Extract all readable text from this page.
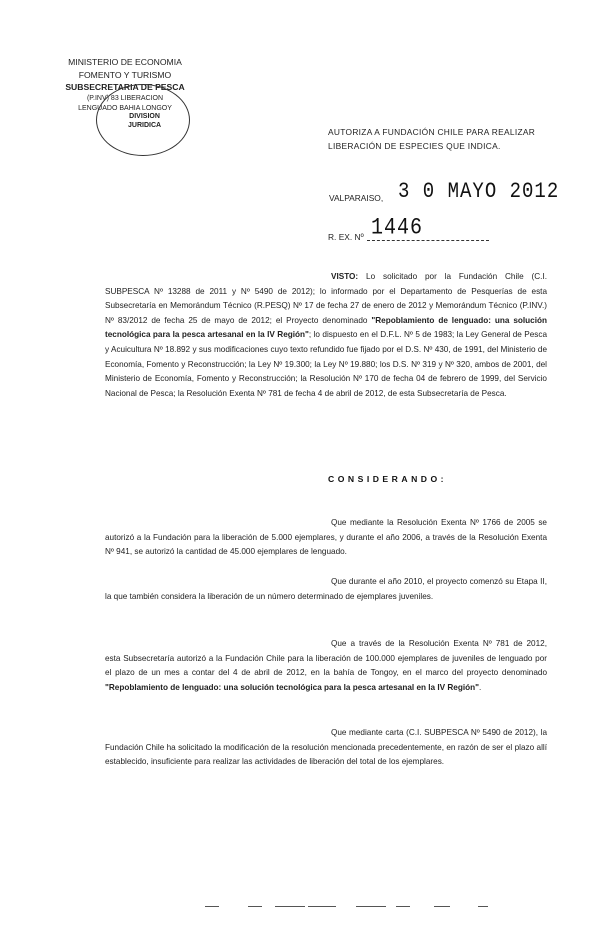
MINISTERIO DE ECONOMIA
FOMENTO Y TURISMO
SUBSECRETARIA DE PESCA
(P.INV) 83 LIBERACION
LENGUADO BAHIA LONGOY
DIVISION
JURIDICA
AUTORIZA A FUNDACIÓN CHILE PARA REALIZAR
LIBERACIÓN DE ESPECIES QUE INDICA.
VALPARAISO, 3 0 MAYO 2012
R. EX. Nº 1446
VISTO: Lo solicitado por la Fundación Chile (C.I. SUBPESCA Nº 13288 de 2011 y Nº 5490 de 2012); lo informado por el Departamento de Pesquerías de esta Subsecretaría en Memorándum Técnico (R.PESQ) Nº 17 de fecha 27 de enero de 2012 y Memorándum Técnico (P.INV.) Nº 83/2012 de fecha 25 de mayo de 2012; el Proyecto denominado "Repoblamiento de lenguado: una solución tecnológica para la pesca artesanal en la IV Región"; lo dispuesto en el D.F.L. Nº 5 de 1983; la Ley General de Pesca y Acuicultura Nº 18.892 y sus modificaciones cuyo texto refundido fue fijado por el D.S. Nº 430, de 1991, del Ministerio de Economía, Fomento y Reconstrucción; la Ley Nº 19.300; la Ley Nº 19.880; los D.S. Nº 319 y Nº 320, ambos de 2001, del Ministerio de Economía, Fomento y Reconstrucción; la Resolución Nº 170 de fecha 04 de febrero de 1999, del Servicio Nacional de Pesca; la Resolución Exenta Nº 781 de fecha 4 de abril de 2012, de esta Subsecretaría de Pesca.
CONSIDERANDO:
Que mediante la Resolución Exenta Nº 1766 de 2005 se autorizó a la Fundación para la liberación de 5.000 ejemplares, y durante el año 2006, a través de la Resolución Exenta Nº 941, se autorizó la cantidad de 45.000 ejemplares de lenguado.
Que durante el año 2010, el proyecto comenzó su Etapa II, la que también considera la liberación de un número determinado de ejemplares juveniles.
Que a través de la Resolución Exenta Nº 781 de 2012, esta Subsecretaría autorizó a la Fundación Chile para la liberación de 100.000 ejemplares de juveniles de lenguado por el plazo de un mes a contar del 4 de abril de 2012, en la bahía de Tongoy, en el marco del proyecto denominado "Repoblamiento de lenguado: una solución tecnológica para la pesca artesanal en la IV Región".
Que mediante carta (C.I. SUBPESCA Nº 5490 de 2012), la Fundación Chile ha solicitado la modificación de la resolución mencionada precedentemente, en razón de ser el plazo allí establecido, insuficiente para realizar las actividades de liberación del total de los ejemplares.
